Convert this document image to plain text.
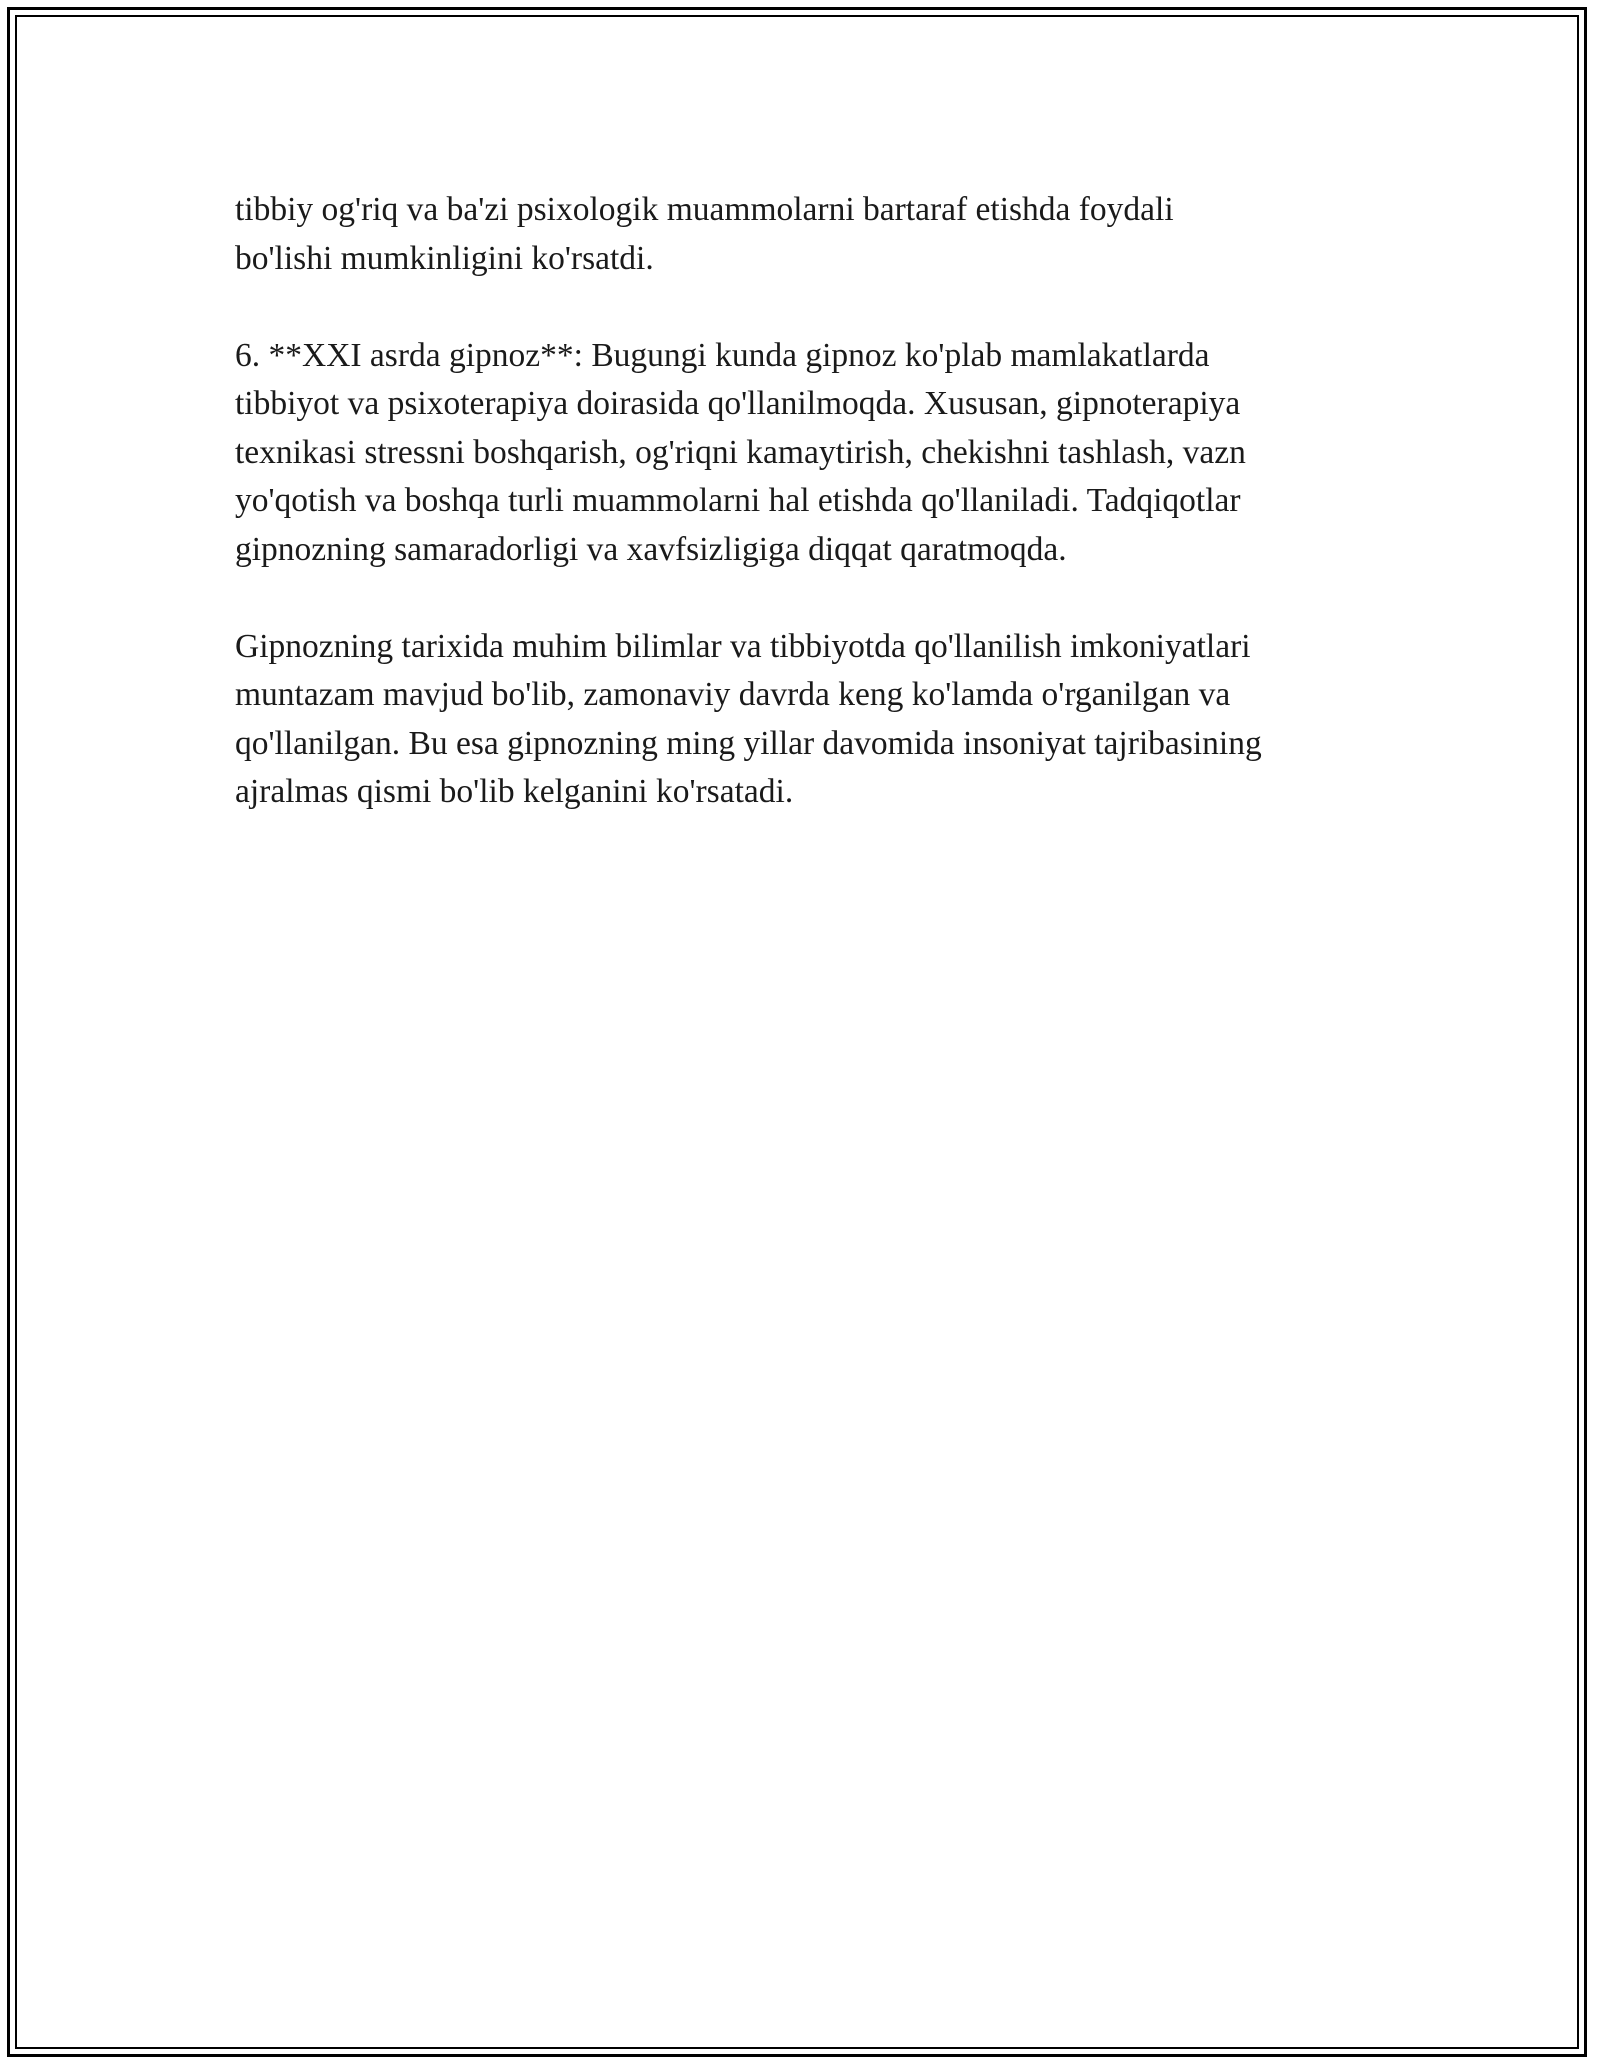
tibbiy og'riq va ba'zi psixologik muammolarni bartaraf etishda foydali
bo'lishi mumkinligini ko'rsatdi.

6. **XXI asrda gipnoz**: Bugungi kunda gipnoz ko'plab mamlakatlarda
tibbiyot va psixoterapiya doirasida qo'llanilmoqda. Xususan, gipnoterapiya
texnikasi stressni boshqarish, og'riqni kamaytirish, chekishni tashlash, vazn
yo'qotish va boshqa turli muammolarni hal etishda qo'llaniladi. Tadqiqotlar
gipnozning samaradorligi va xavfsizligiga diqqat qaratmoqda.

Gipnozning tarixida muhim bilimlar va tibbiyotda qo'llanilish imkoniyatlari
muntazam mavjud bo'lib, zamonaviy davrda keng ko'lamda o'rganilgan va
qo'llanilgan. Bu esa gipnozning ming yillar davomida insoniyat tajribasining
ajralmas qismi bo'lib kelganini ko'rsatadi.
